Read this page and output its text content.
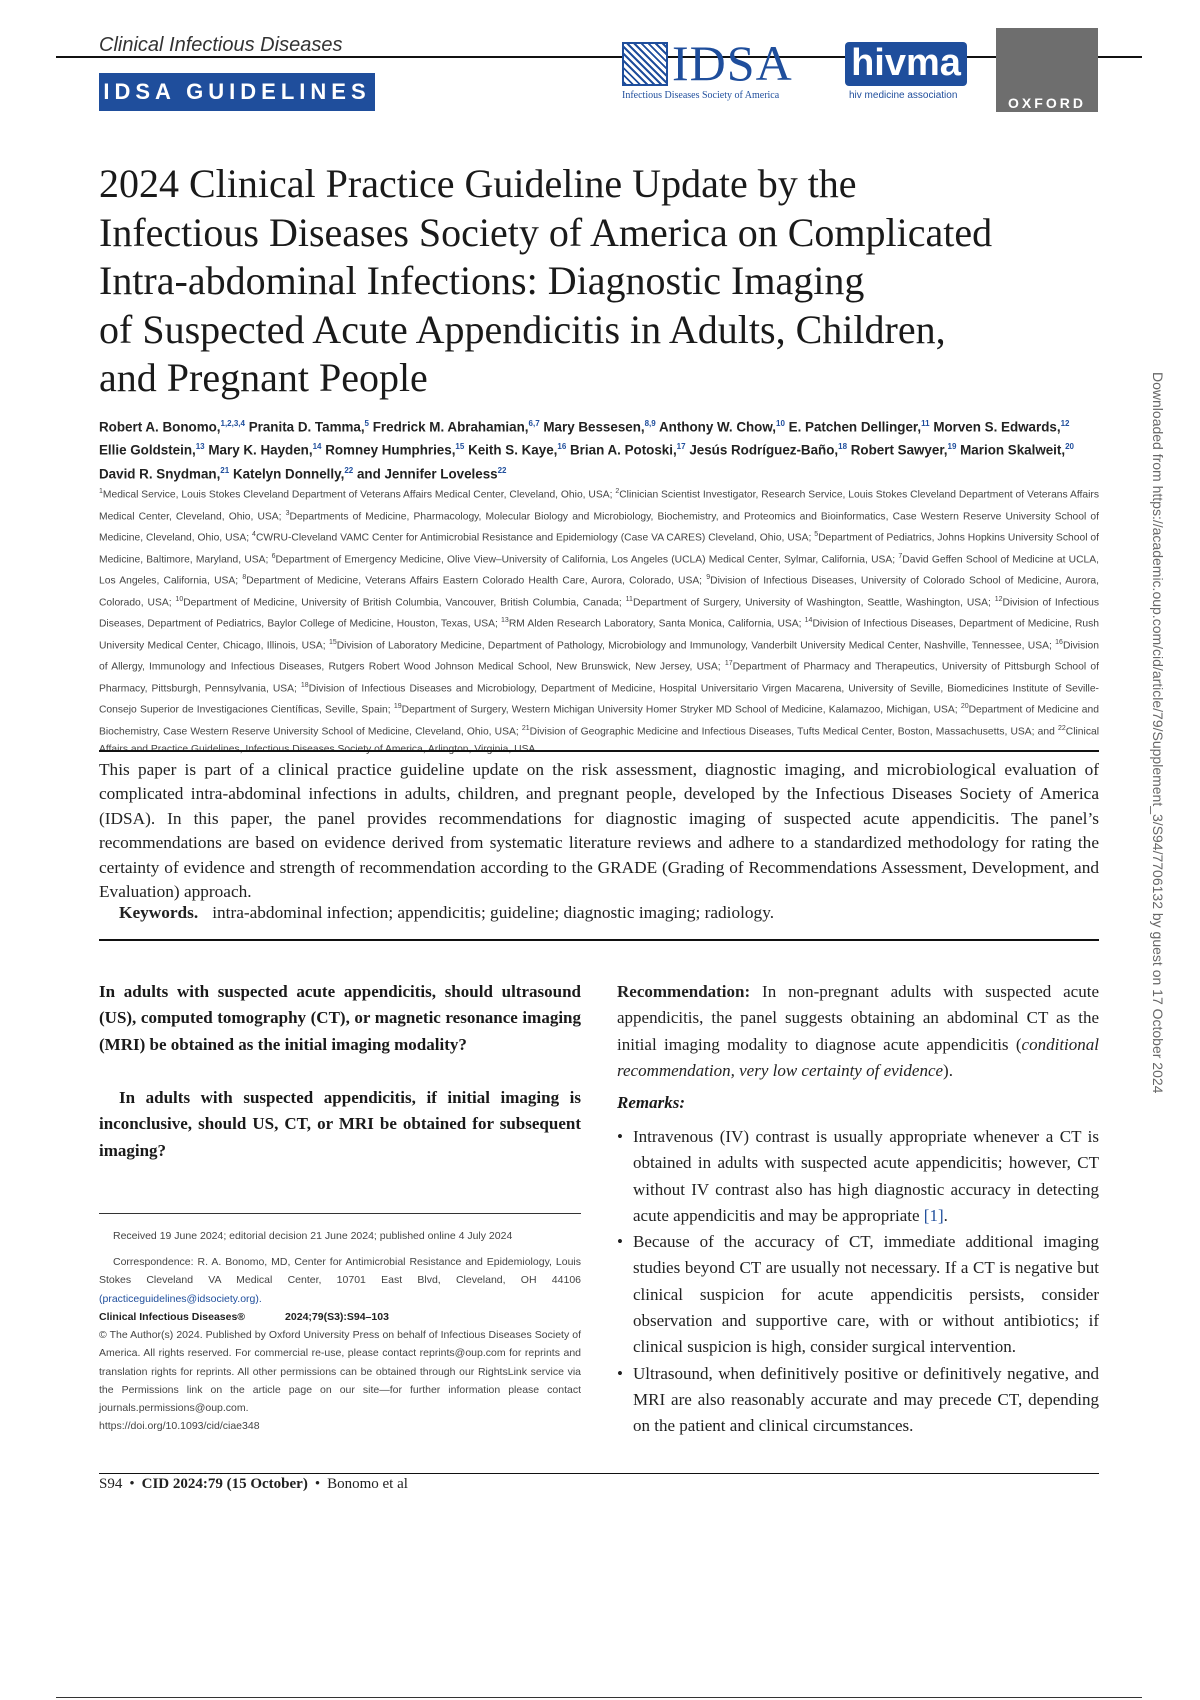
Clinical Infectious Diseases
IDSA GUIDELINES
IDSA
Infectious Diseases Society of America
hivma
hiv medicine association	OXFORD
Downloaded from https://academic.oup.com/cid/article/79/Supplement_3/S94/7706132 by guest on 17 October 2024
2024 Clinical Practice Guideline Update by the
Infectious Diseases Society of America on Complicated
Intra-abdominal Infections: Diagnostic Imaging
of Suspected Acute Appendicitis in Adults, Children,
and Pregnant People
Robert A. Bonomo,$^{1,2,3,4}$ Pranita D. Tamma,$^5$ Fredrick M. Abrahamian,$^{6,7}$ Mary Bessesen,$^{8,9}$ Anthony W. Chow,$^{10}$ E. Patchen Dellinger,$^{11}$ Morven S. Edwards,$^{12}$ Ellie Goldstein,$^{13}$ Mary K. Hayden,$^{14}$ Romney Humphries,$^{15}$ Keith S. Kaye,$^{16}$ Brian A. Potoski,$^{17}$ Jesús Rodríguez-Baño,$^{18}$ Robert Sawyer,$^{19}$ Marion Skalweit,$^{20}$ David R. Snydman,$^{21}$ Katelyn Donnelly,$^{22}$ and Jennifer Loveless$^{22}$
$^1$Medical Service, Louis Stokes Cleveland Department of Veterans Affairs Medical Center, Cleveland, Ohio, USA; $^2$Clinician Scientist Investigator, Research Service, Louis Stokes Cleveland Department of Veterans Affairs Medical Center, Cleveland, Ohio, USA; $^3$Departments of Medicine, Pharmacology, Molecular Biology and Microbiology, Biochemistry, and Proteomics and Bioinformatics, Case Western Reserve University School of Medicine, Cleveland, Ohio, USA; $^4$CWRU-Cleveland VAMC Center for Antimicrobial Resistance and Epidemiology (Case VA CARES) Cleveland, Ohio, USA; $^5$Department of Pediatrics, Johns Hopkins University School of Medicine, Baltimore, Maryland, USA; $^6$Department of Emergency Medicine, Olive View–University of California, Los Angeles (UCLA) Medical Center, Sylmar, California, USA; $^7$David Geffen School of Medicine at UCLA, Los Angeles, California, USA; $^8$Department of Medicine, Veterans Affairs Eastern Colorado Health Care, Aurora, Colorado, USA; $^9$Division of Infectious Diseases, University of Colorado School of Medicine, Aurora, Colorado, USA; $^{10}$Department of Medicine, University of British Columbia, Vancouver, British Columbia, Canada; $^{11}$Department of Surgery, University of Washington, Seattle, Washington, USA; $^{12}$Division of Infectious Diseases, Department of Pediatrics, Baylor College of Medicine, Houston, Texas, USA; $^{13}$RM Alden Research Laboratory, Santa Monica, California, USA; $^{14}$Division of Infectious Diseases, Department of Medicine, Rush University Medical Center, Chicago, Illinois, USA; $^{15}$Division of Laboratory Medicine, Department of Pathology, Microbiology and Immunology, Vanderbilt University Medical Center, Nashville, Tennessee, USA; $^{16}$Division of Allergy, Immunology and Infectious Diseases, Rutgers Robert Wood Johnson Medical School, New Brunswick, New Jersey, USA; $^{17}$Department of Pharmacy and Therapeutics, University of Pittsburgh School of Pharmacy, Pittsburgh, Pennsylvania, USA; $^{18}$Division of Infectious Diseases and Microbiology, Department of Medicine, Hospital Universitario Virgen Macarena, University of Seville, Biomedicines Institute of Seville-Consejo Superior de Investigaciones Científicas, Seville, Spain; $^{19}$Department of Surgery, Western Michigan University Homer Stryker MD School of Medicine, Kalamazoo, Michigan, USA; $^{20}$Department of Medicine and Biochemistry, Case Western Reserve University School of Medicine, Cleveland, Ohio, USA; $^{21}$Division of Geographic Medicine and Infectious Diseases, Tufts Medical Center, Boston, Massachusetts, USA; and $^{22}$Clinical
This paper is part of a clinical practice guideline update on the risk assessment, diagnostic imaging, and microbiological evaluation of complicated intra-abdominal infections in adults, children, and pregnant people, developed by the Infectious Diseases Society of America (IDSA). In this paper, the panel provides recommendations for diagnostic imaging of suspected acute appendicitis. The panel’s recommendations are based on evidence derived from systematic literature reviews and adhere to a standardized methodology for rating the certainty of evidence and strength of recommendation according to the GRADE (Grading of Recommendations Assessment, Development, and Evaluation) approach.
Keywords. intra-abdominal infection; appendicitis; guideline; diagnostic imaging; radiology.
In adults with suspected acute appendicitis, should ultrasound (US), computed tomography (CT), or magnetic resonance imaging (MRI) be obtained as the initial imaging modality?
In adults with suspected appendicitis, if initial imaging is inconclusive, should US, CT, or MRI be obtained for subsequent imaging?
Received 19 June 2024; editorial decision 21 June 2024; published online 4 July 2024
Correspondence: R. A. Bonomo, MD, Center for Antimicrobial Resistance and Epidemiology, Louis Stokes Cleveland VA Medical Center, 10701 East Blvd, Cleveland, OH 44106 (practiceguidelines@idsociety.org).
Clinical Infectious Diseases®	2024;79(S3):S94–103
© The Author(s) 2024. Published by Oxford University Press on behalf of Infectious Diseases Society of America. All rights reserved. For commercial re-use, please contact reprints@oup.com for reprints and translation rights for reprints. All other permissions can be obtained through our RightsLink service via the Permissions link on the article page on our site—for further information please contact journals.permissions@oup.com.
https://doi.org/10.1093/cid/ciae348
Recommendation: In non-pregnant adults with suspected acute appendicitis, the panel suggests obtaining an abdominal CT as the initial imaging modality to diagnose acute appendicitis (conditional recommendation, very low certainty of evidence).
Remarks:
• Intravenous (IV) contrast is usually appropriate whenever a CT is obtained in adults with suspected acute appendicitis; however, CT without IV contrast also has high diagnostic accuracy in detecting acute appendicitis and may be appropriate [1].
• Because of the accuracy of CT, immediate additional imaging studies beyond CT are usually not necessary. If a CT is negative but clinical suspicion for acute appendicitis persists, consider observation and supportive care, with or without antibiotics; if clinical suspicion is high, consider surgical intervention.
• Ultrasound, when definitively positive or definitively negative, and MRI are also reasonably accurate and may precede CT, depending on the patient and clinical circumstances.
S94 • CID 2024:79 (15 October) • Bonomo et al
